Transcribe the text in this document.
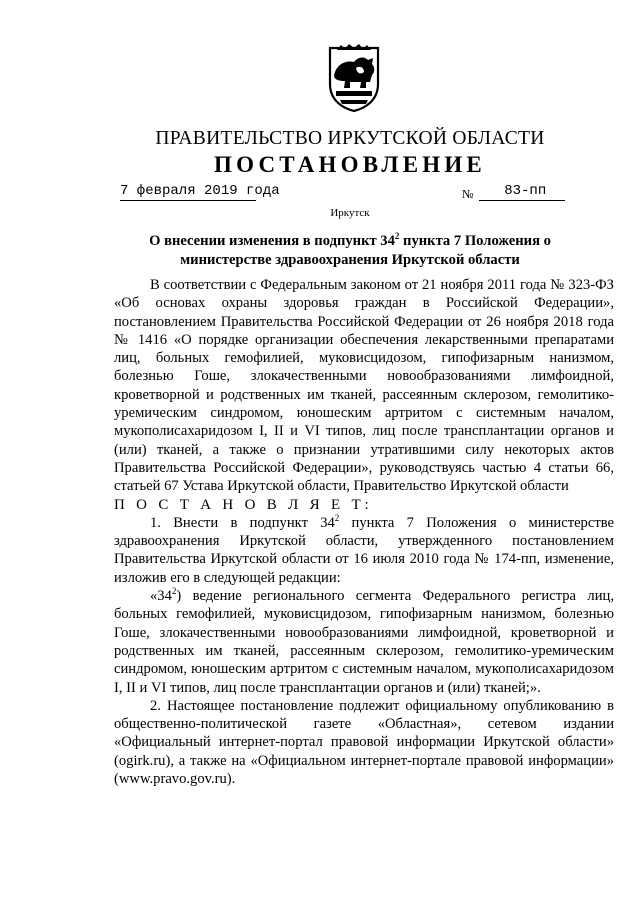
ПРАВИТЕЛЬСТВО ИРКУТСКОЙ ОБЛАСТИ
ПОСТАНОВЛЕНИЕ
7 февраля 2019 года	№	83-пп
Иркутск
О внесении изменения в подпункт $34^2$ пункта 7 Положения о министерстве здравоохранения Иркутской области

В соответствии с Федеральным законом от 21 ноября 2011 года № 323-ФЗ «Об основах охраны здоровья граждан в Российской Федерации», постановлением Правительства Российской Федерации от 26 ноября 2018 года № 1416 «О порядке организации обеспечения лекарственными препаратами лиц, больных гемофилией, муковисцидозом, гипофизарным нанизмом, болезнью Гоше, злокачественными новообразованиями лимфоидной, кроветворной и родственных им тканей, рассеянным склерозом, гемолитико-уремическим синдромом, юношеским артритом с системным началом, мукополисахаридозом I, II и VI типов, лиц после трансплантации органов и (или) тканей, а также о признании утратившими силу некоторых актов Правительства Российской Федерации», руководствуясь частью 4 статьи 66, статьей 67 Устава Иркутской области, Правительство Иркутской области

П О С Т А Н О В Л Я Е Т:

1. Внести в подпункт $34^2$ пункта 7 Положения о министерстве здравоохранения Иркутской области, утвержденного постановлением Правительства Иркутской области от 16 июля 2010 года № 174-пп, изменение, изложив его в следующей редакции:

«$34^2$) ведение регионального сегмента Федерального регистра лиц, больных гемофилией, муковисцидозом, гипофизарным нанизмом, болезнью Гоше, злокачественными новообразованиями лимфоидной, кроветворной и родственных им тканей, рассеянным склерозом, гемолитико-уремическим синдромом, юношеским артритом с системным началом, мукополисахаридозом I, II и VI типов, лиц после трансплантации органов и (или) тканей;».

2. Настоящее постановление подлежит официальному опубликованию в общественно-политической газете «Областная», сетевом издании «Официальный интернет-портал правовой информации Иркутской области» (ogirk.ru), а также на «Официальном интернет-портале правовой информации» (www.pravo.gov.ru).
